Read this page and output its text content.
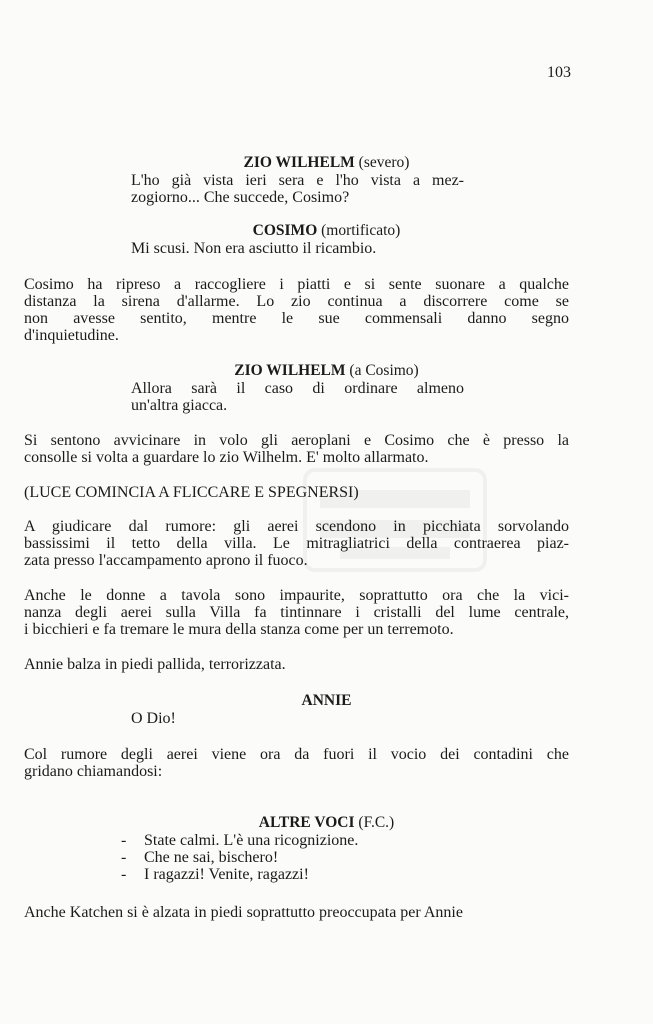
103
ZIO WILHELM (severo)
L'ho già vista ieri sera e l'ho vista a mez-
zogiorno... Che succede, Cosimo?
COSIMO (mortificato)
Mi scusi. Non era asciutto il ricambio.
Cosimo ha ripreso a raccogliere i piatti e si sente suonare a qualche
distanza la sirena d'allarme. Lo zio continua a discorrere come se
non avesse sentito, mentre le sue commensali danno segno
d'inquietudine.
ZIO WILHELM (a Cosimo)
Allora sarà il caso di ordinare almeno
un'altra giacca.
Si sentono avvicinare in volo gli aeroplani e Cosimo che è presso la
consolle si volta a guardare lo zio Wilhelm. E' molto allarmato.
(LUCE COMINCIA A FLICCARE E SPEGNERSI)
A giudicare dal rumore: gli aerei scendono in picchiata sorvolando
bassissimi il tetto della villa. Le mitragliatrici della contraerea piaz-
zata presso l'accampamento aprono il fuoco.
Anche le donne a tavola sono impaurite, soprattutto ora che la vici-
nanza degli aerei sulla Villa fa tintinnare i cristalli del lume centrale,
i bicchieri e fa tremare le mura della stanza come per un terremoto.
Annie balza in piedi pallida, terrorizzata.
ANNIE
O Dio!
Col rumore degli aerei viene ora da fuori il vocio dei contadini che
gridano chiamandosi:
ALTRE VOCI (F.C.)
- State calmi. L'è una ricognizione.
- Che ne sai, bischero!
- I ragazzi! Venite, ragazzi!
Anche Katchen si è alzata in piedi soprattutto preoccupata per Annie
